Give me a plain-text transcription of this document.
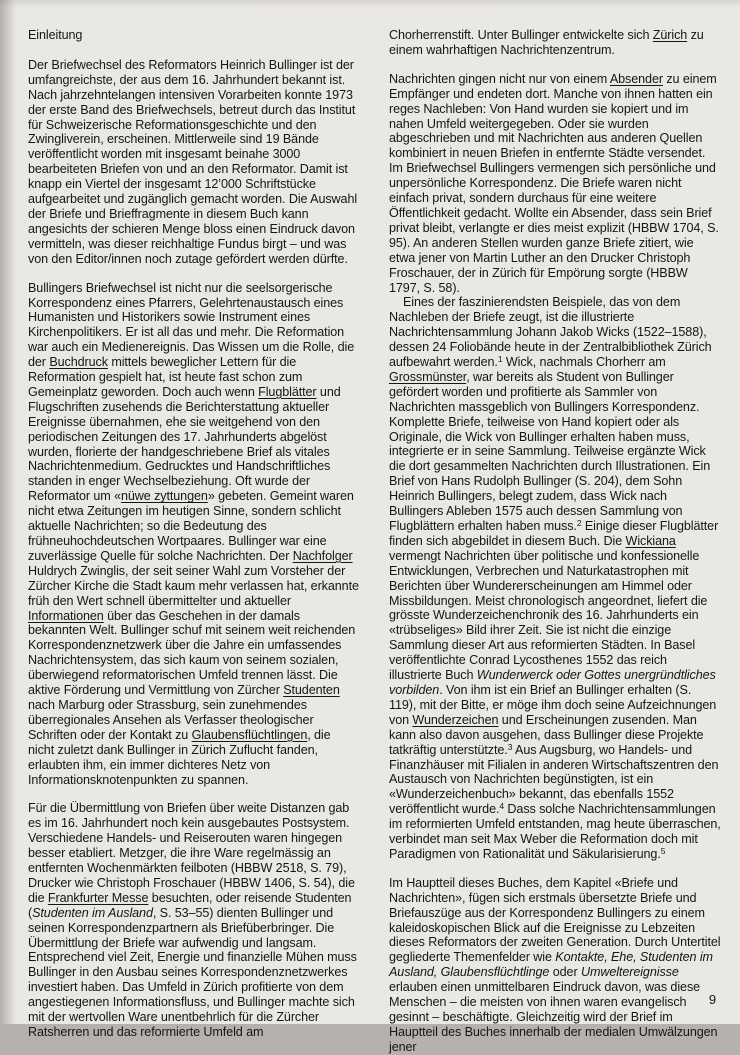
Einleitung

Der Briefwechsel des Reformators Heinrich Bullinger ist der umfangreichste, der aus dem 16. Jahrhundert bekannt ist. Nach jahrzehntelangen intensiven Vorarbeiten konnte 1973 der erste Band des Briefwechsels, betreut durch das Institut für Schweizerische Reformationsgeschichte und den Zwingliverein, erscheinen. Mittlerweile sind 19 Bände veröffentlicht worden mit insgesamt beinahe 3000 bearbeiteten Briefen von und an den Reformator. Damit ist knapp ein Viertel der insgesamt 12’000 Schriftstücke aufgearbeitet und zugänglich gemacht worden. Die Auswahl der Briefe und Brieffragmente in diesem Buch kann angesichts der schieren Menge bloss einen Eindruck davon vermitteln, was dieser reichhaltige Fundus birgt – und was von den Editor/innen noch zutage gefördert werden dürfte.

Bullingers Briefwechsel ist nicht nur die seelsorgerische Korrespondenz eines Pfarrers, Gelehrtenaustausch eines Humanisten und Historikers sowie Instrument eines Kirchenpolitikers. Er ist all das und mehr. Die Reformation war auch ein Medienereignis. Das Wissen um die Rolle, die der Buchdruck mittels beweglicher Lettern für die Reformation gespielt hat, ist heute fast schon zum Gemeinplatz geworden. Doch auch wenn Flugblätter und Flugschriften zusehends die Berichterstattung aktueller Ereignisse übernahmen, ehe sie weitgehend von den periodischen Zeitungen des 17. Jahrhunderts abgelöst wurden, florierte der handgeschriebene Brief als vitales Nachrichtenmedium. Gedrucktes und Handschriftliches standen in enger Wechselbeziehung. Oft wurde der Reformator um «nüwe zyttungen» gebeten. Gemeint waren nicht etwa Zeitungen im heutigen Sinne, sondern schlicht aktuelle Nachrichten; so die Bedeutung des frühneuhochdeutschen Wortpaares. Bullinger war eine zuverlässige Quelle für solche Nachrichten. Der Nachfolger Huldrych Zwinglis, der seit seiner Wahl zum Vorsteher der Zürcher Kirche die Stadt kaum mehr verlassen hat, erkannte früh den Wert schnell übermittelter und aktueller Informationen über das Geschehen in der damals bekannten Welt. Bullinger schuf mit seinem weit reichenden Korrespondenznetzwerk über die Jahre ein umfassendes Nachrichtensystem, das sich kaum von seinem sozialen, überwiegend reformatorischen Umfeld trennen lässt. Die aktive Förderung und Vermittlung von Zürcher Studenten nach Marburg oder Strassburg, sein zunehmendes überregionales Ansehen als Verfasser theologischer Schriften oder der Kontakt zu Glaubensflüchtlingen, die nicht zuletzt dank Bullinger in Zürich Zuflucht fanden, erlaubten ihm, ein immer dichteres Netz von Informationsknotenpunkten zu spannen.

Für die Übermittlung von Briefen über weite Distanzen gab es im 16. Jahrhundert noch kein ausgebautes Postsystem. Verschiedene Handels- und Reiserouten waren hingegen besser etabliert. Metzger, die ihre Ware regelmässig an entfernten Wochenmärkten feilboten (HBBW 2518, S. 79), Drucker wie Christoph Froschauer (HBBW 1406, S. 54), die die Frankfurter Messe besuchten, oder reisende Studenten (Studenten im Ausland, S. 53–55) dienten Bullinger und seinen Korrespondenzpartnern als Briefüberbringer. Die Übermittlung der Briefe war aufwendig und langsam. Entsprechend viel Zeit, Energie und finanzielle Mühen muss Bullinger in den Ausbau seines Korrespondenznetzwerkes investiert haben. Das Umfeld in Zürich profitierte von dem angestiegenen Informationsfluss, und Bullinger machte sich mit der wertvollen Ware unentbehrlich für die Zürcher Ratsherren und das reformierte Umfeld am

Chorherrenstift. Unter Bullinger entwickelte sich Zürich zu einem wahrhaftigen Nachrichtenzentrum.

Nachrichten gingen nicht nur von einem Absender zu einem Empfänger und endeten dort. Manche von ihnen hatten ein reges Nachleben: Von Hand wurden sie kopiert und im nahen Umfeld weitergegeben. Oder sie wurden abgeschrieben und mit Nachrichten aus anderen Quellen kombiniert in neuen Briefen in entfernte Städte versendet. Im Briefwechsel Bullingers vermengen sich persönliche und unpersönliche Korrespondenz. Die Briefe waren nicht einfach privat, sondern durchaus für eine weitere Öffentlichkeit gedacht. Wollte ein Absender, dass sein Brief privat bleibt, verlangte er dies meist explizit (HBBW 1704, S. 95). An anderen Stellen wurden ganze Briefe zitiert, wie etwa jener von Martin Luther an den Drucker Christoph Froschauer, der in Zürich für Empörung sorgte (HBBW 1797, S. 58).

Eines der faszinierendsten Beispiele, das von dem Nachleben der Briefe zeugt, ist die illustrierte Nachrichtensammlung Johann Jakob Wicks (1522–1588), dessen 24 Foliobände heute in der Zentralbibliothek Zürich aufbewahrt werden.$^1$ Wick, nachmals Chorherr am Grossmünster, war bereits als Student von Bullinger gefördert worden und profitierte als Sammler von Nachrichten massgeblich von Bullingers Korrespondenz. Komplette Briefe, teilweise von Hand kopiert oder als Originale, die Wick von Bullinger erhalten haben muss, integrierte er in seine Sammlung. Teilweise ergänzte Wick die dort gesammelten Nachrichten durch Illustrationen. Ein Brief von Hans Rudolph Bullinger (S. 204), dem Sohn Heinrich Bullingers, belegt zudem, dass Wick nach Bullingers Ableben 1575 auch dessen Sammlung von Flugblättern erhalten haben muss.$^2$ Einige dieser Flugblätter finden sich abgebildet in diesem Buch. Die Wickiana vermengt Nachrichten über politische und konfessionelle Entwicklungen, Verbrechen und Naturkatastrophen mit Berichten über Wundererscheinungen am Himmel oder Missbildungen. Meist chronologisch angeordnet, liefert die grösste Wunderzeichenchronik des 16. Jahrhunderts ein «trübseliges» Bild ihrer Zeit. Sie ist nicht die einzige Sammlung dieser Art aus reformierten Städten. In Basel veröffentlichte Conrad Lycosthenes 1552 das reich illustrierte Buch Wunderwerck oder Gottes unergründtliches vorbilden. Von ihm ist ein Brief an Bullinger erhalten (S. 119), mit der Bitte, er möge ihm doch seine Aufzeichnungen von Wunderzeichen und Erscheinungen zusenden. Man kann also davon ausgehen, dass Bullinger diese Projekte tatkräftig unterstützte.$^3$ Aus Augsburg, wo Handels- und Finanzhäuser mit Filialen in anderen Wirtschaftszentren den Austausch von Nachrichten begünstigten, ist ein «Wunderzeichenbuch» bekannt, das ebenfalls 1552 veröffentlicht wurde.$^4$ Dass solche Nachrichtensammlungen im reformierten Umfeld entstanden, mag heute überraschen, verbindet man seit Max Weber die Reformation doch mit Paradigmen von Rationalität und Säkularisierung.$^5$

Im Hauptteil dieses Buches, dem Kapitel «Briefe und Nachrichten», fügen sich erstmals übersetzte Briefe und Briefauszüge aus der Korrespondenz Bullingers zu einem kaleidoskopischen Blick auf die Ereignisse zu Lebzeiten dieses Reformators der zweiten Generation. Durch Untertitel gegliederte Themenfelder wie Kontakte, Ehe, Studenten im Ausland, Glaubensflüchtlinge oder Umweltereignisse erlauben einen unmittelbaren Eindruck davon, was diese Menschen – die meisten von ihnen waren evangelisch gesinnt – beschäftigte. Gleichzeitig wird der Brief im Hauptteil des Buches innerhalb der medialen Umwälzungen jener

9
